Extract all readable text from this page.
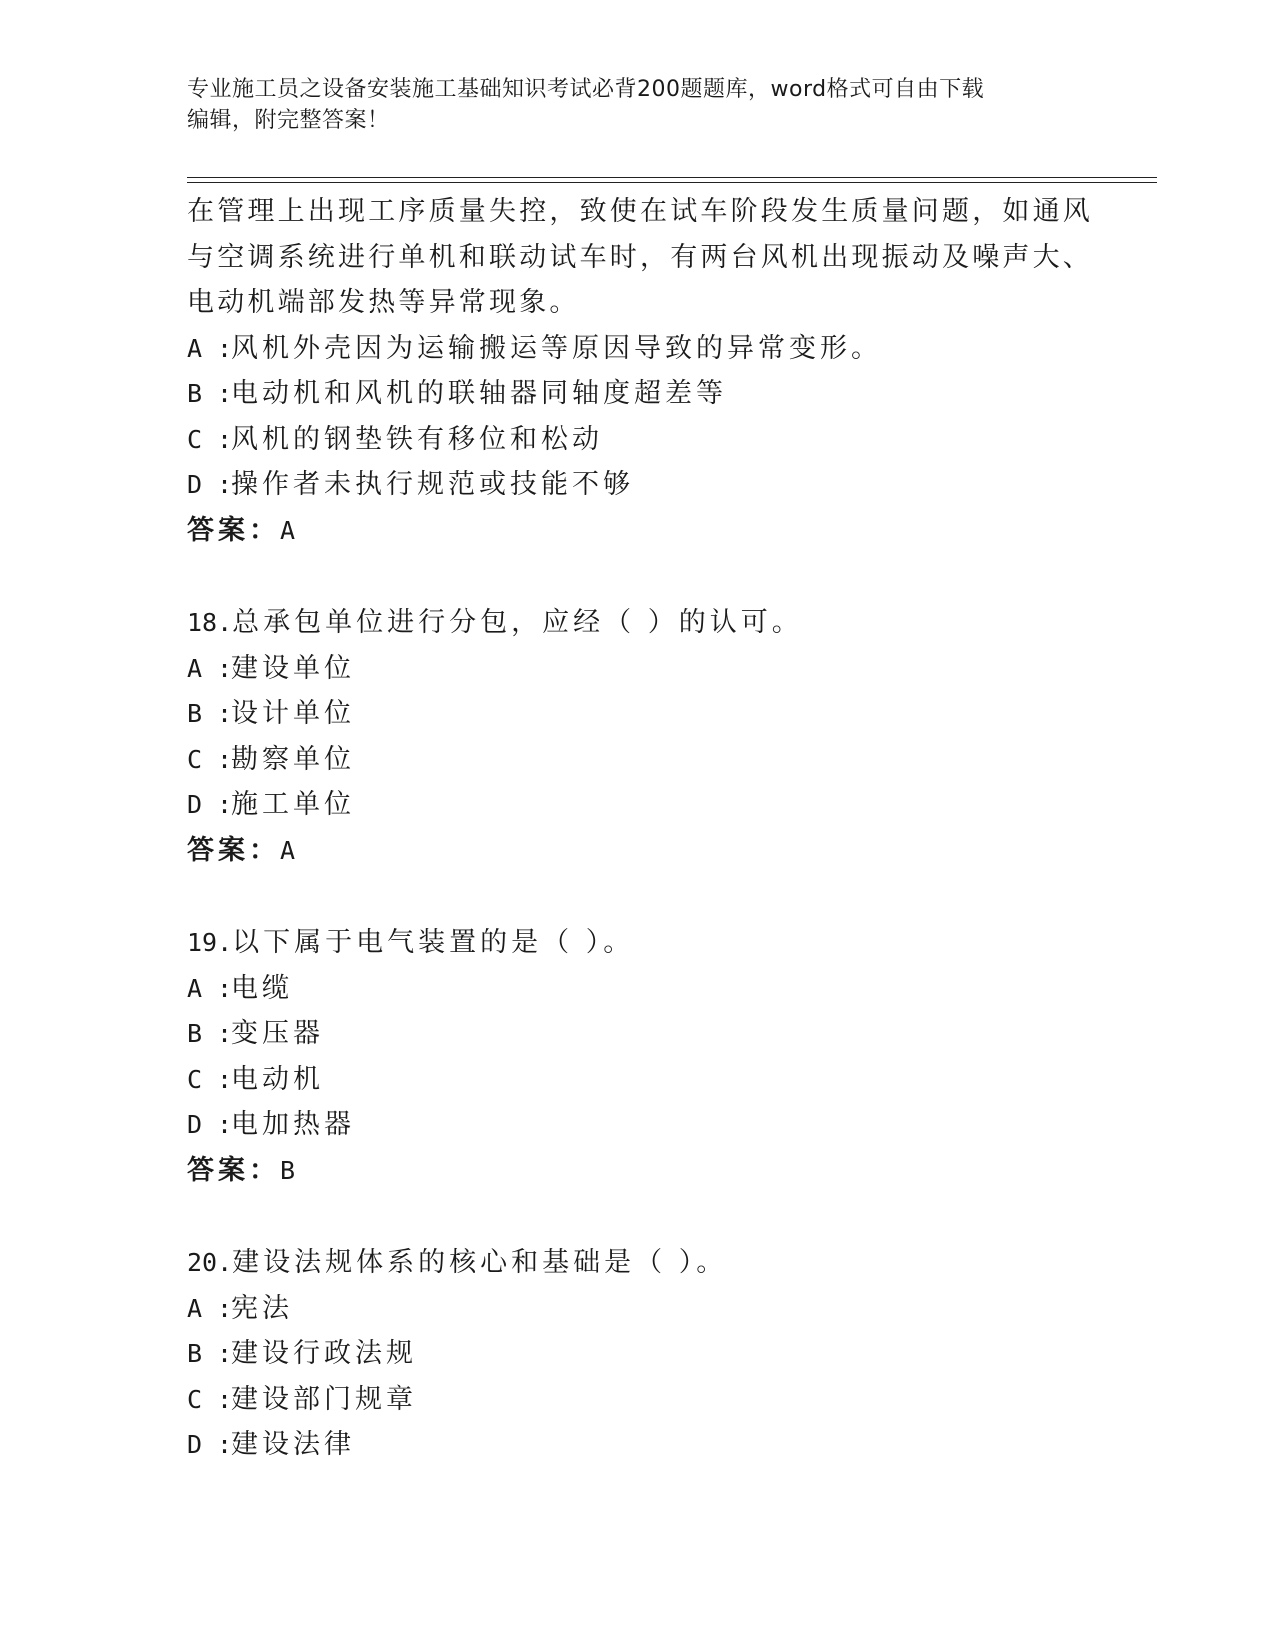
专业施工员之设备安装施工基础知识考试必背200题题库，word格式可自由下载
编辑，附完整答案！
在管理上出现工序质量失控，致使在试车阶段发生质量问题，如通风
与空调系统进行单机和联动试车时，有两台风机出现振动及噪声大、
电动机端部发热等异常现象。
A :
风机外壳因为运输搬运等原因导致的异常变形。
B :
电动机和风机的联轴器同轴度超差等
C :
风机的钢垫铁有移位和松动
D :
操作者未执行规范或技能不够
答案：A
18.总承包单位进行分包，应经（ ）的认可。
A :
建设单位
B :
设计单位
C :
勘察单位
D :
施工单位
答案：A
19.以下属于电气装置的是（ ）。
A :
电缆
B :
变压器
C :
电动机
D :
电加热器
答案：B
20.建设法规体系的核心和基础是（ ）。
A :
宪法
B :
建设行政法规
C :
建设部门规章
D :
建设法律
